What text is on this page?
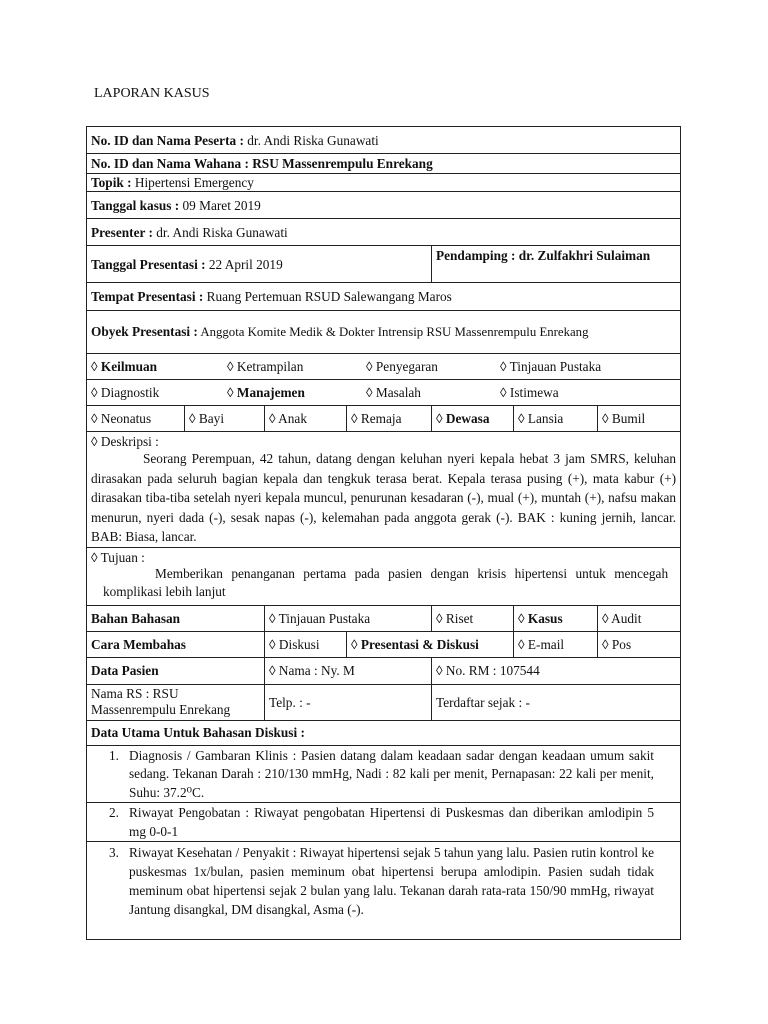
LAPORAN KASUS
No. ID dan Nama Peserta : dr. Andi Riska Gunawati						
No. ID dan Nama Wahana : RSU Massenrempulu Enrekang						
Topik : Hipertensi Emergency						
Tanggal kasus : 09 Maret 2019						
Presenter : dr. Andi Riska Gunawati						
Tanggal Presentasi : 22 April 2019				Pendamping : dr. Zulfakhri Sulaiman		
Tempat Presentasi : Ruang Pertemuan RSUD Salewangang Maros						
Obyek Presentasi : Anggota Komite Medik & Dokter Intrensip RSU Massenrempulu Enrekang						

◊ Keilmuan ◊ Ketrampilan ◊ Penyegaran ◊ Tinjauan Pustaka						

◊ Diagnostik ◊ Manajemen ◊ Masalah ◊ Istimewa						

◊ Neonatus	◊ Bayi	◊ Anak	◊ Remaja	◊ Dewasa	◊ Lansia	◊ Bumil

◊ Deskripsi :
Seorang Perempuan, 42 tahun, datang dengan keluhan nyeri kepala hebat 3 jam SMRS, keluhan dirasakan pada seluruh bagian kepala dan tengkuk terasa berat. Kepala terasa pusing (+), mata kabur (+) dirasakan tiba-tiba setelah nyeri kepala muncul, penurunan kesadaran (-), mual (+), muntah (+), nafsu makan menurun, nyeri dada (-), sesak napas (-), kelemahan pada anggota gerak (-). BAK : kuning jernih, lancar. BAB: Biasa, lancar.						

◊ Tujuan :
Memberikan penanganan pertama pada pasien dengan krisis hipertensi untuk mencegah komplikasi lebih lanjut						

Bahan Bahasan		◊ Tinjauan Pustaka		◊ Riset	◊ Kasus	◊ Audit
Cara Membahas		◊ Diskusi	◊ Presentasi & Diskusi		◊ E-mail	◊ Pos
Data Pasien		◊ Nama : Ny. M		◊ No. RM : 107544		
Nama RS : RSU Massenrempulu Enrekang		Telp. : -		Terdaftar sejak : -		
Data Utama Untuk Bahasan Diskusi :						
1. Diagnosis / Gambaran Klinis : Pasien datang dalam keadaan sadar dengan keadaan umum sakit sedang. Tekanan Darah : 210/130 mmHg, Nadi : 82 kali per menit, Pernapasan: 22 kali per menit, Suhu: 37.2⁰C.						
2. Riwayat Pengobatan : Riwayat pengobatan Hipertensi di Puskesmas dan diberikan amlodipin 5 mg 0-0-1						
3. Riwayat Kesehatan / Penyakit : Riwayat hipertensi sejak 5 tahun yang lalu. Pasien rutin kontrol ke puskesmas 1x/bulan, pasien meminum obat hipertensi berupa amlodipin. Pasien sudah tidak meminum obat hipertensi sejak 2 bulan yang lalu. Tekanan darah rata-rata 150/90 mmHg, riwayat Jantung disangkal, DM disangkal, Asma (-).						
